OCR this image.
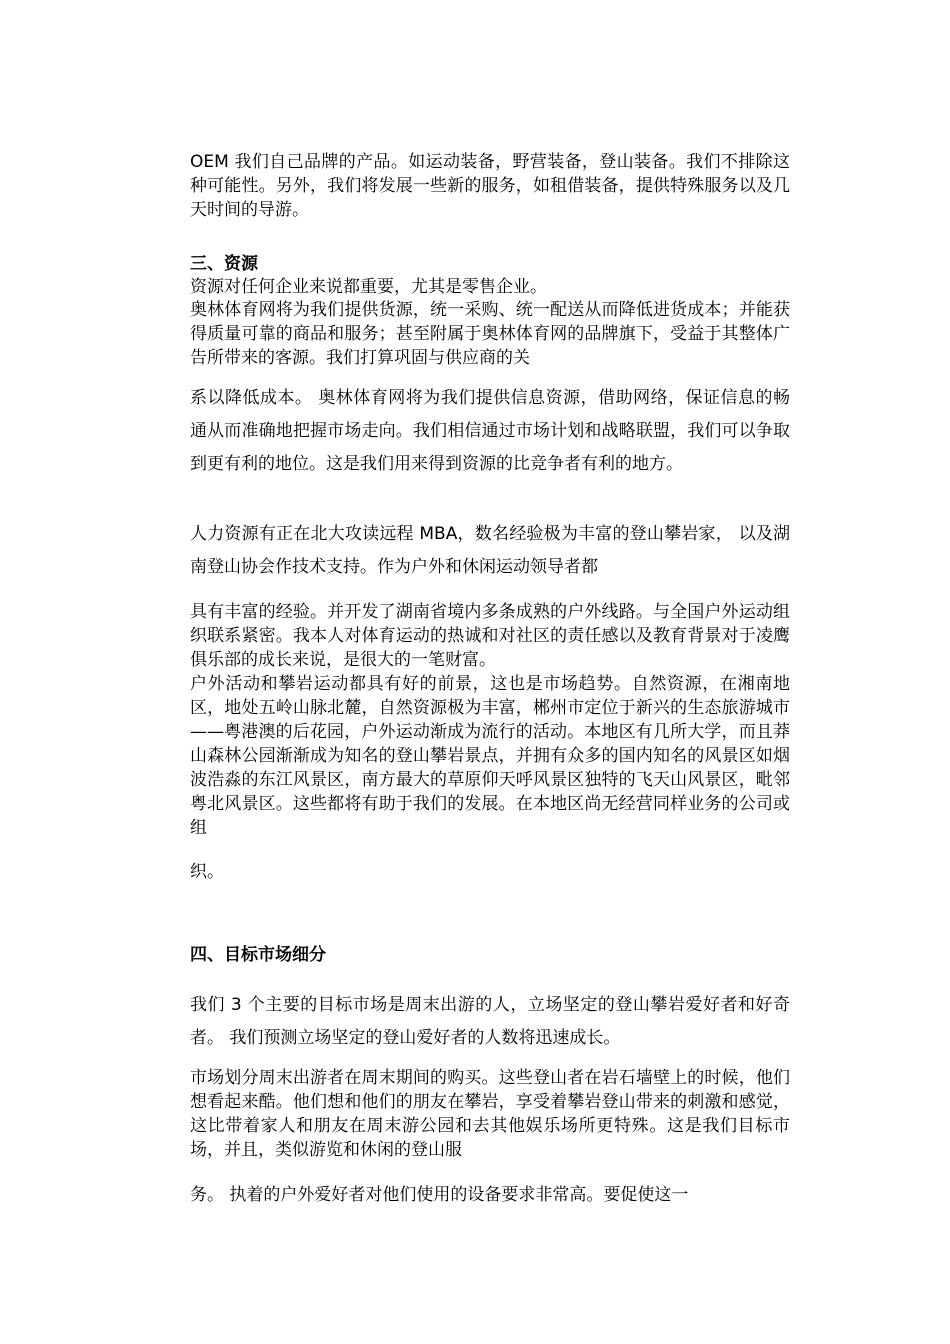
OEM 我们自己品牌的产品。如运动装备，野营装备，登山装备。我们不排除这种可能性。另外，我们将发展一些新的服务，如租借装备，提供特殊服务以及几天时间的导游。
三、资源
资源对任何企业来说都重要，尤其是零售企业。
奥林体育网将为我们提供货源，统一采购、统一配送从而降低进货成本；并能获得质量可靠的商品和服务；甚至附属于奥林体育网的品牌旗下，受益于其整体广告所带来的客源。我们打算巩固与供应商的关
系以降低成本。 奥林体育网将为我们提供信息资源，借助网络，保证信息的畅通从而准确地把握市场走向。我们相信通过市场计划和战略联盟，我们可以争取到更有利的地位。这是我们用来得到资源的比竞争者有利的地方。
人力资源有正在北大攻读远程 MBA，数名经验极为丰富的登山攀岩家， 以及湖南登山协会作技术支持。作为户外和休闲运动领导者都
具有丰富的经验。并开发了湖南省境内多条成熟的户外线路。与全国户外运动组织联系紧密。我本人对体育运动的热诚和对社区的责任感以及教育背景对于凌鹰俱乐部的成长来说，是很大的一笔财富。
户外活动和攀岩运动都具有好的前景，这也是市场趋势。自然资源，在湘南地区，地处五岭山脉北麓，自然资源极为丰富，郴州市定位于新兴的生态旅游城市——粤港澳的后花园，户外运动渐成为流行的活动。本地区有几所大学，而且莽山森林公园渐渐成为知名的登山攀岩景点，并拥有众多的国内知名的风景区如烟波浩淼的东江风景区，南方最大的草原仰天呼风景区独特的飞天山风景区，毗邻粤北风景区。这些都将有助于我们的发展。在本地区尚无经营同样业务的公司或组
织。
四、目标市场细分
我们 3 个主要的目标市场是周末出游的人，立场坚定的登山攀岩爱好者和好奇者。 我们预测立场坚定的登山爱好者的人数将迅速成长。
市场划分周末出游者在周末期间的购买。这些登山者在岩石墙壁上的时候，他们想看起来酷。他们想和他们的朋友在攀岩，享受着攀岩登山带来的刺激和感觉，这比带着家人和朋友在周末游公园和去其他娱乐场所更特殊。这是我们目标市场，并且，类似游览和休闲的登山服
务。 执着的户外爱好者对他们使用的设备要求非常高。要促使这一
